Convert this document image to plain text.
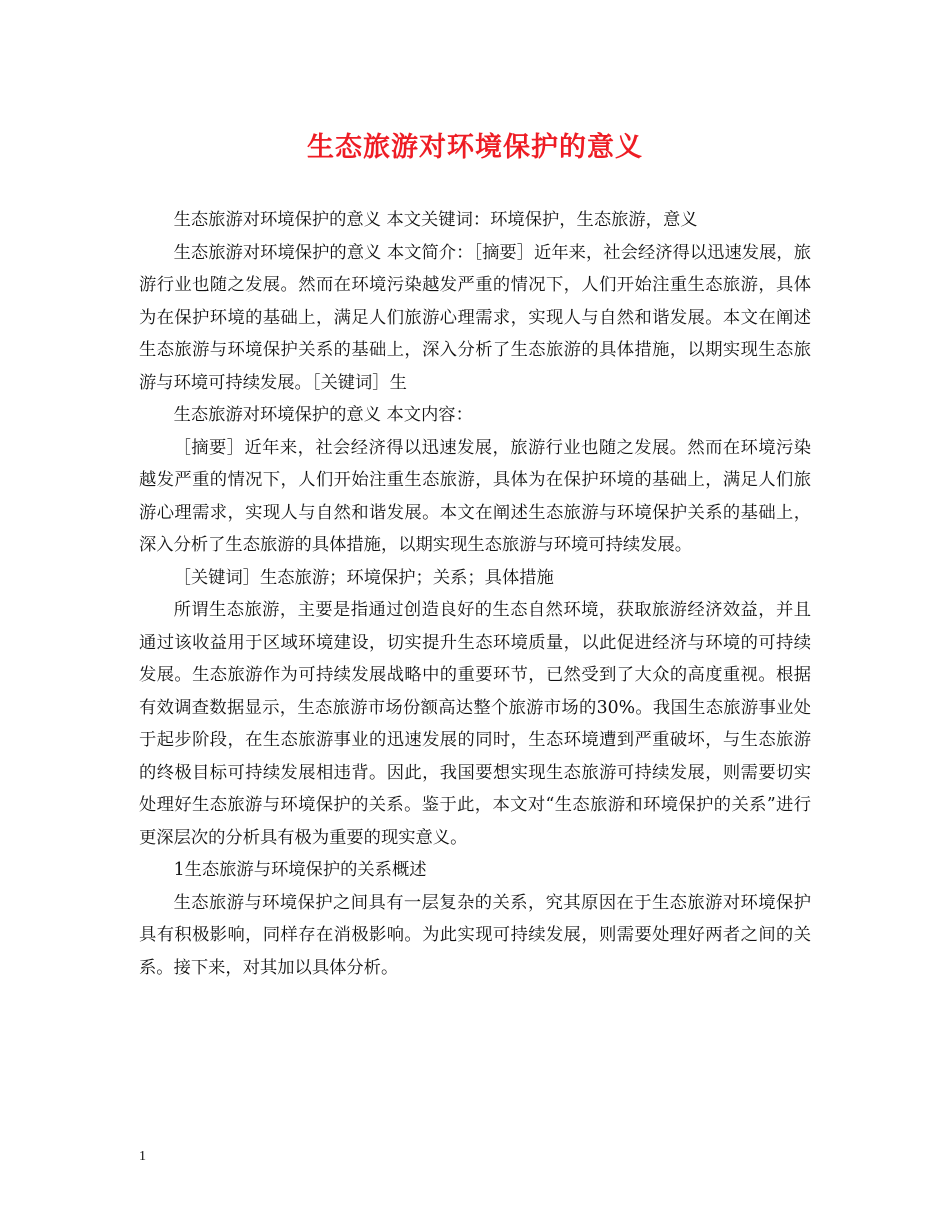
生态旅游对环境保护的意义

生态旅游对环境保护的意义 本文关键词：环境保护，生态旅游，意义

生态旅游对环境保护的意义 本文简介：［摘要］近年来，社会经济得以迅速发展，旅游行业也随之发展。然而在环境污染越发严重的情况下，人们开始注重生态旅游，具体为在保护环境的基础上，满足人们旅游心理需求，实现人与自然和谐发展。本文在阐述生态旅游与环境保护关系的基础上，深入分析了生态旅游的具体措施，以期实现生态旅游与环境可持续发展。［关键词］生

生态旅游对环境保护的意义 本文内容：

［摘要］近年来，社会经济得以迅速发展，旅游行业也随之发展。然而在环境污染越发严重的情况下，人们开始注重生态旅游，具体为在保护环境的基础上，满足人们旅游心理需求，实现人与自然和谐发展。本文在阐述生态旅游与环境保护关系的基础上，深入分析了生态旅游的具体措施，以期实现生态旅游与环境可持续发展。

［关键词］生态旅游；环境保护；关系；具体措施

所谓生态旅游，主要是指通过创造良好的生态自然环境，获取旅游经济效益，并且通过该收益用于区域环境建设，切实提升生态环境质量，以此促进经济与环境的可持续发展。生态旅游作为可持续发展战略中的重要环节，已然受到了大众的高度重视。根据有效调查数据显示，生态旅游市场份额高达整个旅游市场的30%。我国生态旅游事业处于起步阶段，在生态旅游事业的迅速发展的同时，生态环境遭到严重破坏，与生态旅游的终极目标可持续发展相违背。因此，我国要想实现生态旅游可持续发展，则需要切实处理好生态旅游与环境保护的关系。鉴于此，本文对“生态旅游和环境保护的关系”进行更深层次的分析具有极为重要的现实意义。

1生态旅游与环境保护的关系概述

生态旅游与环境保护之间具有一层复杂的关系，究其原因在于生态旅游对环境保护具有积极影响，同样存在消极影响。为此实现可持续发展，则需要处理好两者之间的关系。接下来，对其加以具体分析。

1
